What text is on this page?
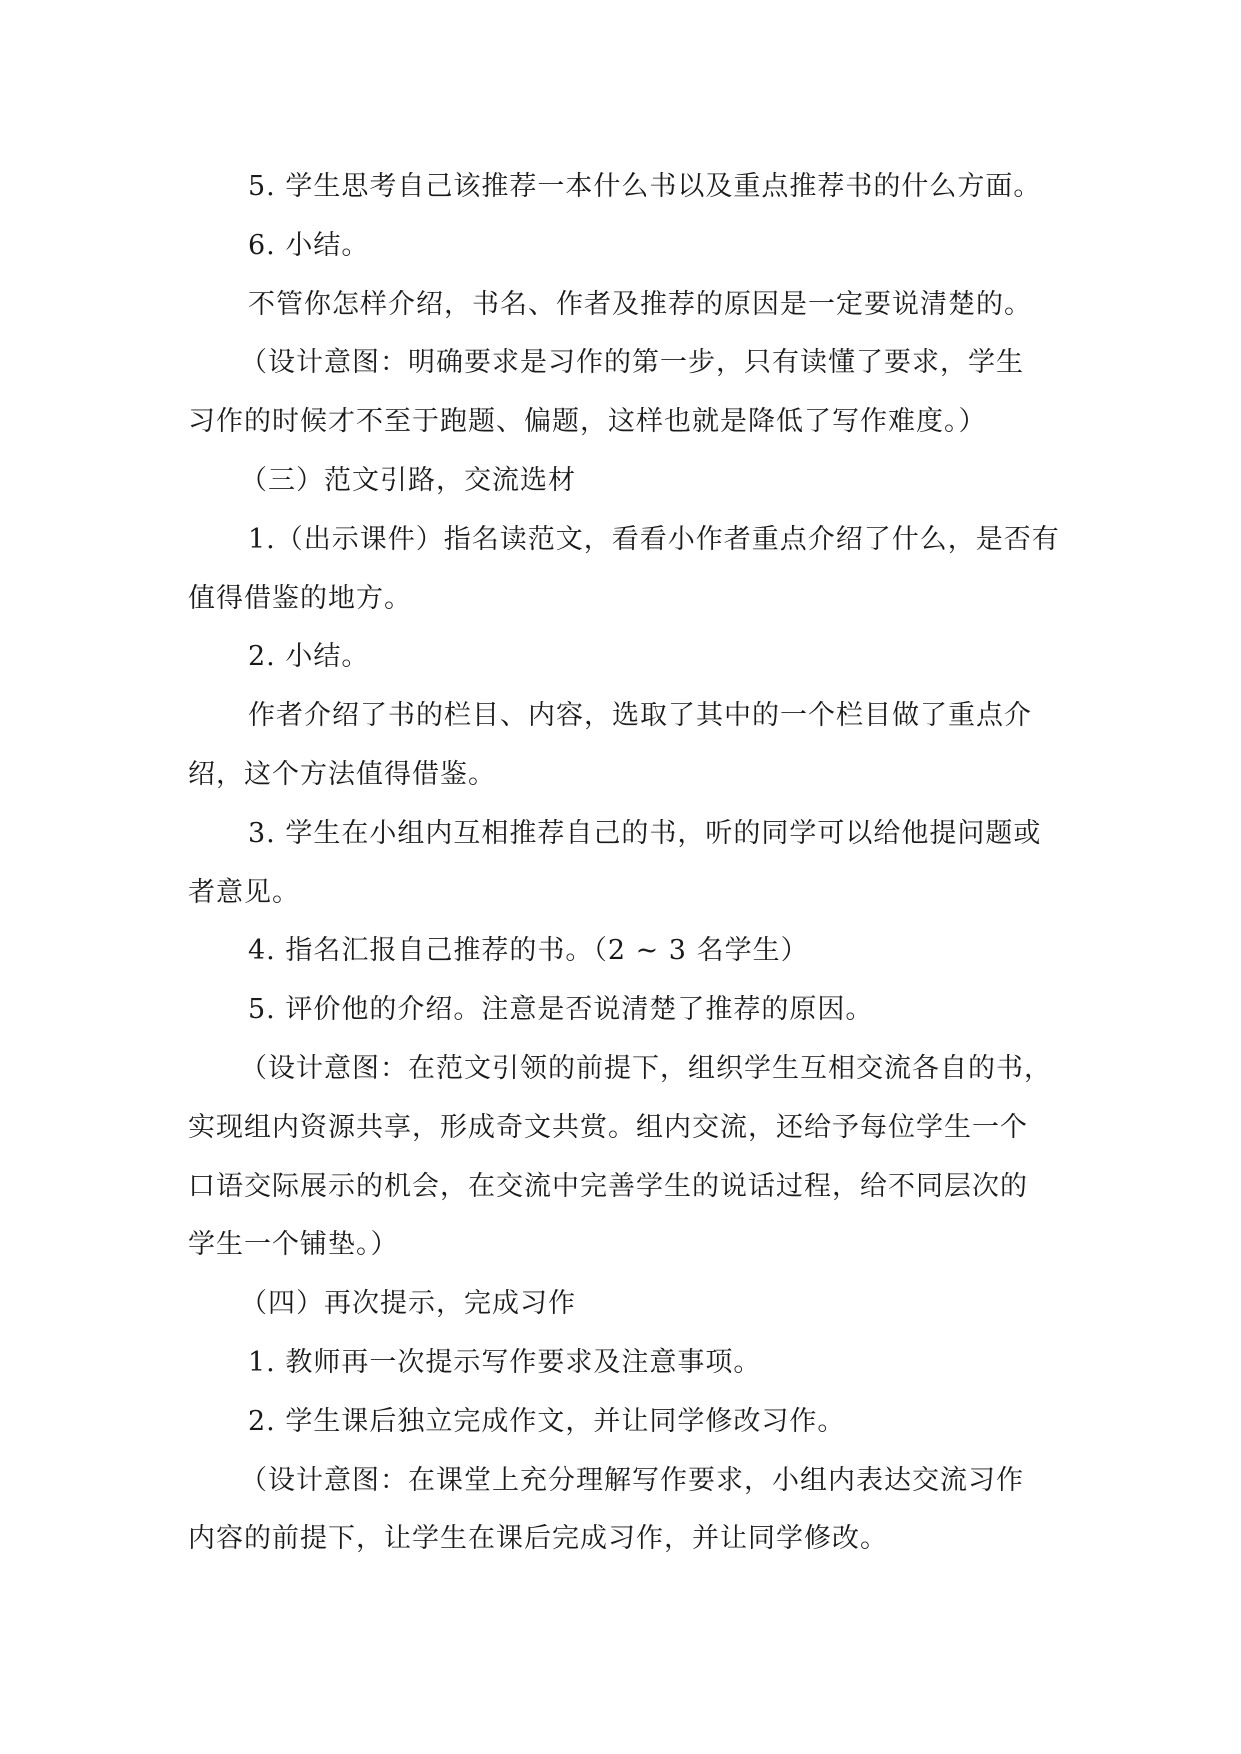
5. 学生思考自己该推荐一本什么书以及重点推荐书的什么方面。
6. 小结。
不管你怎样介绍，书名、作者及推荐的原因是一定要说清楚的。
（设计意图：明确要求是习作的第一步，只有读懂了要求，学生
习作的时候才不至于跑题、偏题，这样也就是降低了写作难度。）
（三）范文引路，交流选材
1.（出示课件）指名读范文，看看小作者重点介绍了什么，是否有
值得借鉴的地方。
2. 小结。
作者介绍了书的栏目、内容，选取了其中的一个栏目做了重点介
绍，这个方法值得借鉴。
3. 学生在小组内互相推荐自己的书，听的同学可以给他提问题或
者意见。
4. 指名汇报自己推荐的书。（2 ~ 3 名学生）
5. 评价他的介绍。注意是否说清楚了推荐的原因。
（设计意图：在范文引领的前提下，组织学生互相交流各自的书，
实现组内资源共享，形成奇文共赏。组内交流，还给予每位学生一个
口语交际展示的机会，在交流中完善学生的说话过程，给不同层次的
学生一个铺垫。）
（四）再次提示，完成习作
1. 教师再一次提示写作要求及注意事项。
2. 学生课后独立完成作文，并让同学修改习作。
（设计意图：在课堂上充分理解写作要求，小组内表达交流习作
内容的前提下，让学生在课后完成习作，并让同学修改。
